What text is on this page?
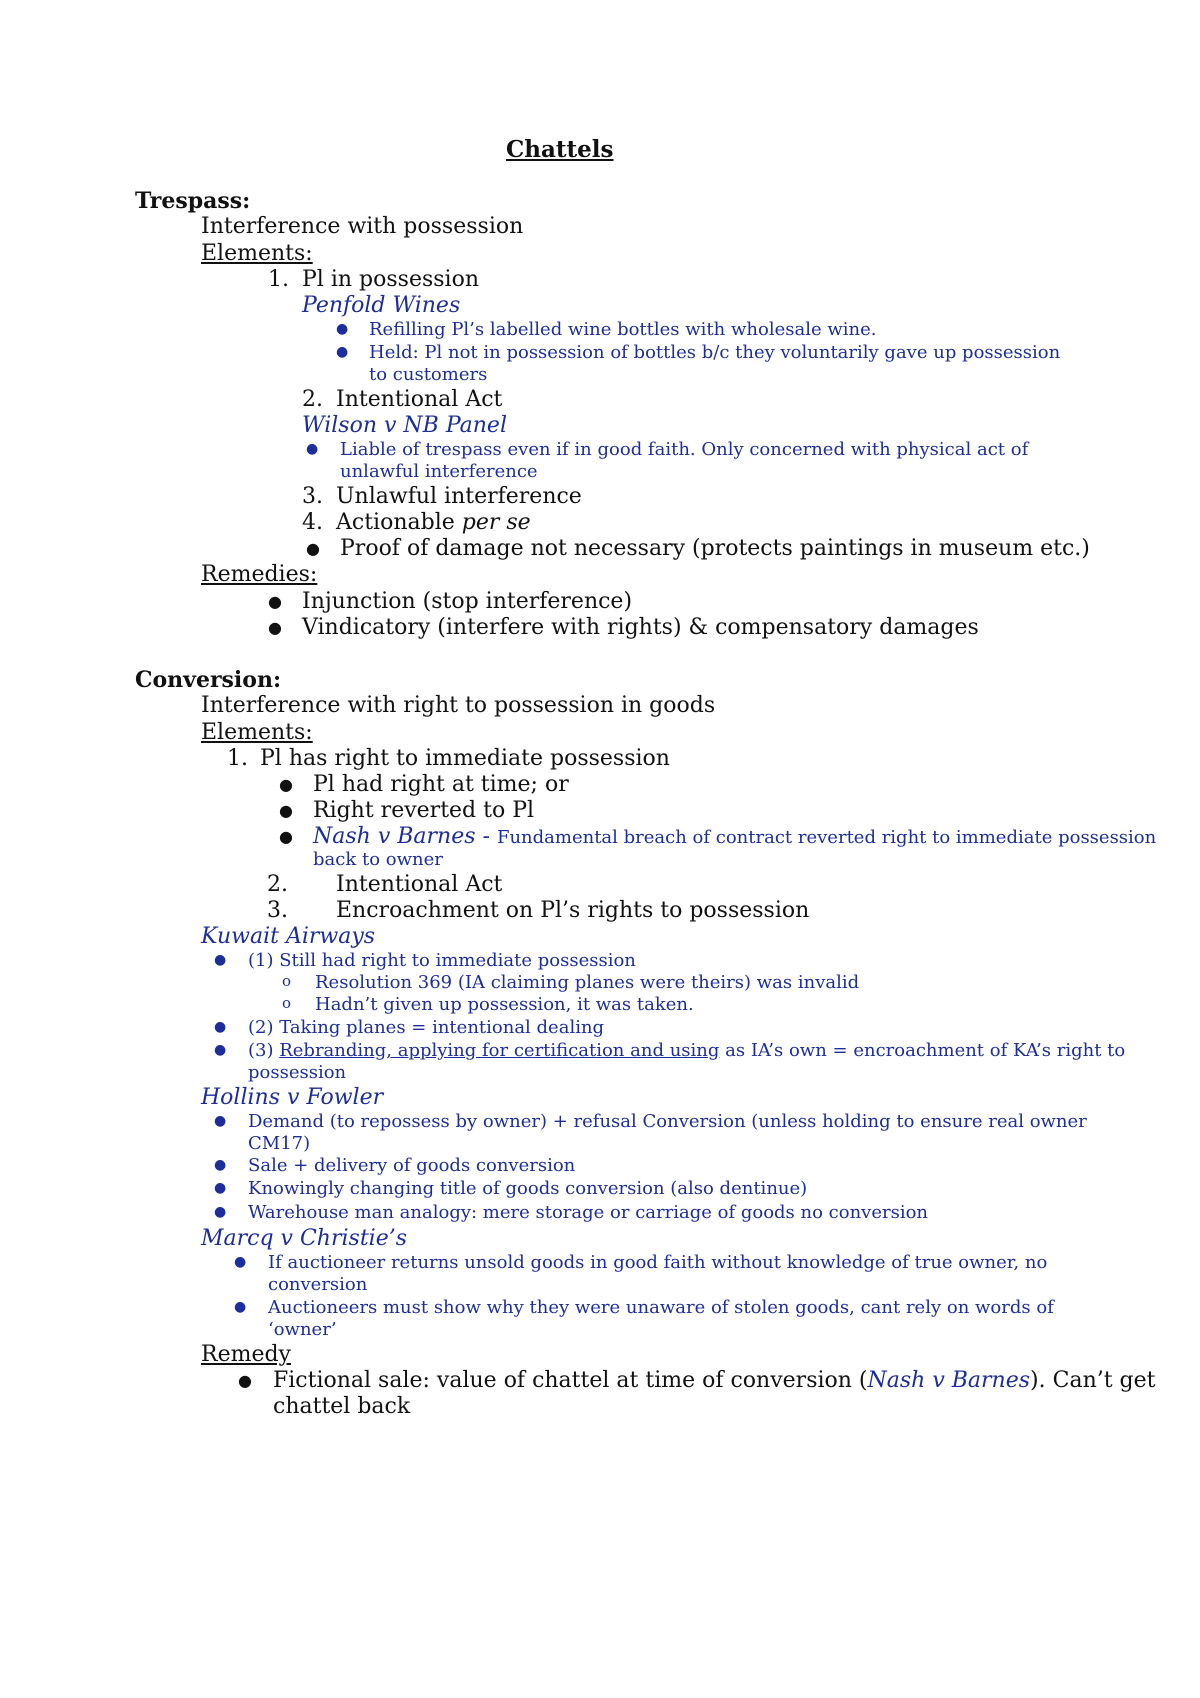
Chattels
Trespass:
Interference with possession
Elements:
1. Pl in possession
Penfold Wines
● Refilling Pl’s labelled wine bottles with wholesale wine.
● Held: Pl not in possession of bottles b/c they voluntarily gave up possession
to customers
2. Intentional Act
Wilson v NB Panel
● Liable of trespass even if in good faith. Only concerned with physical act of
unlawful interference
3. Unlawful interference
4. Actionable per se
● Proof of damage not necessary (protects paintings in museum etc.)
Remedies:
● Injunction (stop interference)
● Vindicatory (interfere with rights) & compensatory damages
Conversion:
Interference with right to possession in goods
Elements:
1. Pl has right to immediate possession
● Pl had right at time; or
● Right reverted to Pl
● Nash v Barnes - Fundamental breach of contract reverted right to immediate possession
back to owner
2. Intentional Act
3. Encroachment on Pl’s rights to possession
Kuwait Airways
● (1) Still had right to immediate possession
o Resolution 369 (IA claiming planes were theirs) was invalid
o Hadn’t given up possession, it was taken.
● (2) Taking planes = intentional dealing
● (3) Rebranding, applying for certification and using as IA’s own = encroachment of KA’s right to
possession
Hollins v Fowler
● Demand (to repossess by owner) + refusal Conversion (unless holding to ensure real owner
CM17)
● Sale + delivery of goods conversion
● Knowingly changing title of goods conversion (also dentinue)
● Warehouse man analogy: mere storage or carriage of goods no conversion
Marcq v Christie’s
● If auctioneer returns unsold goods in good faith without knowledge of true owner, no
conversion
● Auctioneers must show why they were unaware of stolen goods, cant rely on words of
‘owner’
Remedy
● Fictional sale: value of chattel at time of conversion (Nash v Barnes). Can’t get
chattel back
